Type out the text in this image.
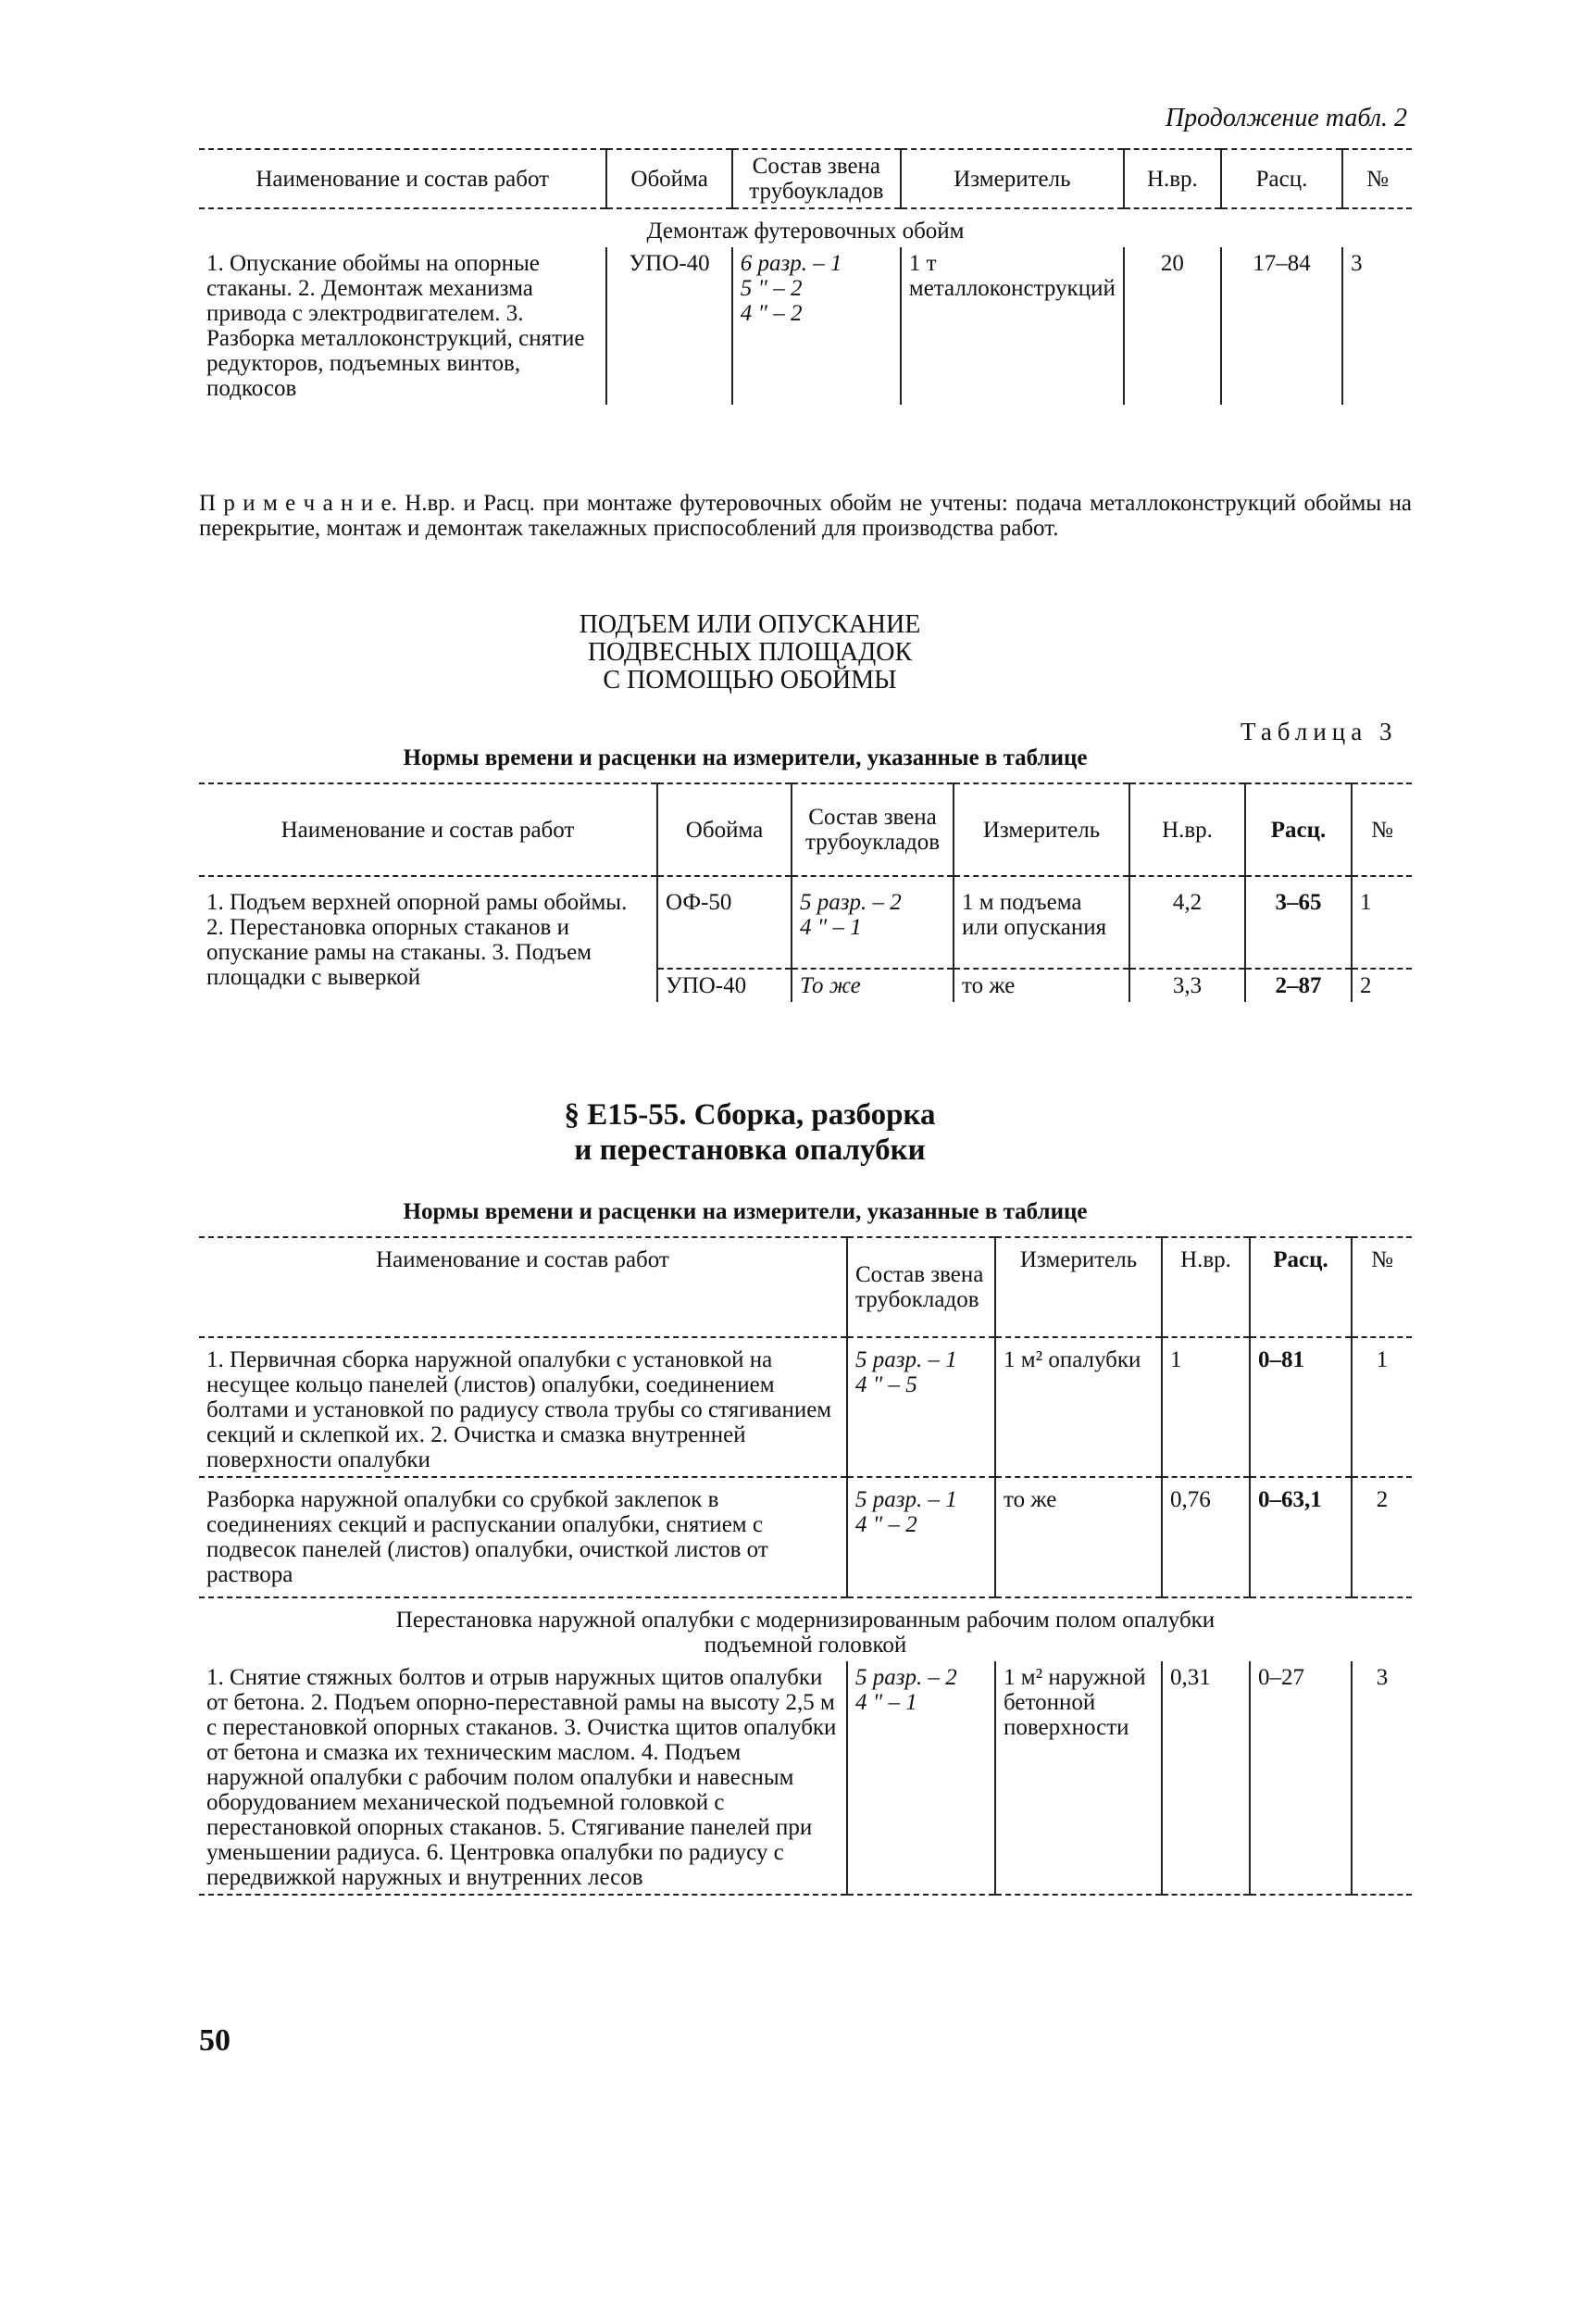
Продолжение табл. 2
Наименование и состав работ	Обойма	Состав звена трубоукладов	Измеритель	Н.вр.	Расц.	№
Демонтаж футеровочных обойм						
1. Опускание обоймы на опорные стаканы. 2. Демонтаж механизма привода с электродвигателем. 3. Разборка металлоконструкций, снятие редукторов, подъемных винтов, подкосов	УПО-40	6 разр. – 1
5 " – 2
4 " – 2	1 т металлоконструкций	20	17–84	3
П р и м е ч а н и е. Н.вр. и Расц. при монтаже футеровочных обойм не учтены: подача металлоконструкций обоймы на перекрытие, монтаж и демонтаж такелажных приспособлений для производства работ.
ПОДЪЕМ ИЛИ ОПУСКАНИЕ
ПОДВЕСНЫХ ПЛОЩАДОК
С ПОМОЩЬЮ ОБОЙМЫ
Таблица 3
Нормы времени и расценки на измерители, указанные в таблице
Наименование и состав работ	Обойма	Состав звена трубоукладов	Измеритель	Н.вр.	Расц.	№
1. Подъем верхней опорной рамы обоймы. 2. Перестановка опорных стаканов и опускание рамы на стаканы. 3. Подъем площадки с выверкой	ОФ-50	5 разр. – 2
4 " – 1	1 м подъема или опускания	4,2	3–65	1
	УПО-40	То же	то же	3,3	2–87	2
§ Е15-55. Сборка, разборка
и перестановка опалубки
Нормы времени и расценки на измерители, указанные в таблице
Наименование и состав работ	Состав звена трубокладов	Измеритель	Н.вр.	Расц.	№
1. Первичная сборка наружной опалубки с установкой на несущее кольцо панелей (листов) опалубки, соединением болтами и установкой по радиусу ствола трубы со стягиванием секций и склепкой их. 2. Очистка и смазка внутренней поверхности опалубки	5 разр. – 1
4 " – 5	1 м² опалубки	1	0–81	1
Разборка наружной опалубки со срубкой заклепок в соединениях секций и распускании опалубки, снятием с подвесок панелей (листов) опалубки, очисткой листов от раствора	5 разр. – 1
4 " – 2	то же	0,76	0–63,1	2
Перестановка наружной опалубки с модернизированным рабочим полом опалубки подъемной головкой					
1. Снятие стяжных болтов и отрыв наружных щитов опалубки от бетона. 2. Подъем опорно-переставной рамы на высоту 2,5 м с перестановкой опорных стаканов. 3. Очистка щитов опалубки от бетона и смазка их техническим маслом. 4. Подъем наружной опалубки с рабочим полом опалубки и навесным оборудованием механической подъемной головкой с перестановкой опорных стаканов. 5. Стягивание панелей при уменьшении радиуса. 6. Центровка опалубки по радиусу с передвижкой наружных и внутренних лесов	5 разр. – 2
4 " – 1	1 м² наружной бетонной поверхности	0,31	0–27	3
50
